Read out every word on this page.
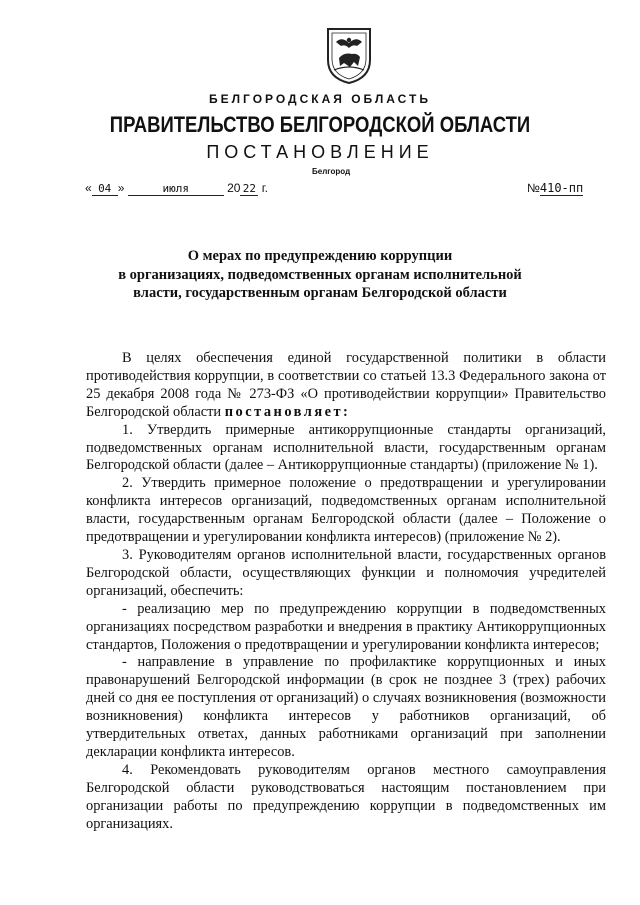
БЕЛГОРОДСКАЯ ОБЛАСТЬ
ПРАВИТЕЛЬСТВО БЕЛГОРОДСКОЙ ОБЛАСТИ
ПОСТАНОВЛЕНИЕ
Белгород
« 04 »	июля	20 22 г.	№410-пп
О мерах по предупреждению коррупции
в организациях, подведомственных органам исполнительной
власти, государственным органам Белгородской области

В целях обеспечения единой государственной политики в области противодействия коррупции, в соответствии со статьей 13.3 Федерального закона от 25 декабря 2008 года № 273-ФЗ «О противодействии коррупции» Правительство Белгородской области постановляет:

1. Утвердить примерные антикоррупционные стандарты организаций, подведомственных органам исполнительной власти, государственным органам Белгородской области (далее – Антикоррупционные стандарты) (приложение № 1).

2. Утвердить примерное положение о предотвращении и урегулировании конфликта интересов организаций, подведомственных органам исполнительной власти, государственным органам Белгородской области (далее – Положение о предотвращении и урегулировании конфликта интересов) (приложение № 2).

3. Руководителям органов исполнительной власти, государственных органов Белгородской области, осуществляющих функции и полномочия учредителей организаций, обеспечить:

- реализацию мер по предупреждению коррупции в подведомственных организациях посредством разработки и внедрения в практику Антикоррупционных стандартов, Положения о предотвращении и урегулировании конфликта интересов;

- направление в управление по профилактике коррупционных и иных правонарушений Белгородской информации (в срок не позднее 3 (трех) рабочих дней со дня ее поступления от организаций) о случаях возникновения (возможности возникновения) конфликта интересов у работников организаций, об утвердительных ответах, данных работниками организаций при заполнении декларации конфликта интересов.

4. Рекомендовать руководителям органов местного самоуправления Белгородской области руководствоваться настоящим постановлением при организации работы по предупреждению коррупции в подведомственных им организациях.
